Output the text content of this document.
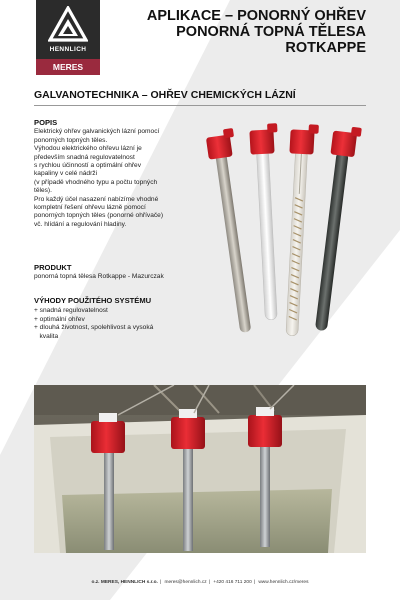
HENNLICH
MERES
APLIKACE – PONORNÝ OHŘEV
PONORNÁ TOPNÁ TĚLESA
ROTKAPPE
GALVANOTECHNIKA – OHŘEV CHEMICKÝCH LÁZNÍ
POPIS
Elektrický ohřev galvanických lázní pomocí
ponorných topných těles.
Výhodou elektrického ohřevu lázní je
především snadná regulovatelnost
s rychlou účinností a optimální ohřev
kapaliny v celé nádrži
(v případě vhodného typu a počtu topných
těles).
Pro každý účel nasazení nabízíme vhodné
kompletní řešení ohřevu lázně pomocí
ponorných topných těles (ponorné ohřívače)
vč. hlídání a regulování hladiny.
PRODUKT
ponorná topná tělesa Rotkappe - Mazurczak
VÝHODY POUŽITÉHO SYSTÉMU
+ snadná regulovatelnost
+ optimální ohřev
+ dlouhá životnost, spolehlivost a vysoká
kvalita
o.z. MERES, HENNLICH s.r.o. | meres@hennlich.cz | +420 416 711 200 | www.hennlich.cz/meres
